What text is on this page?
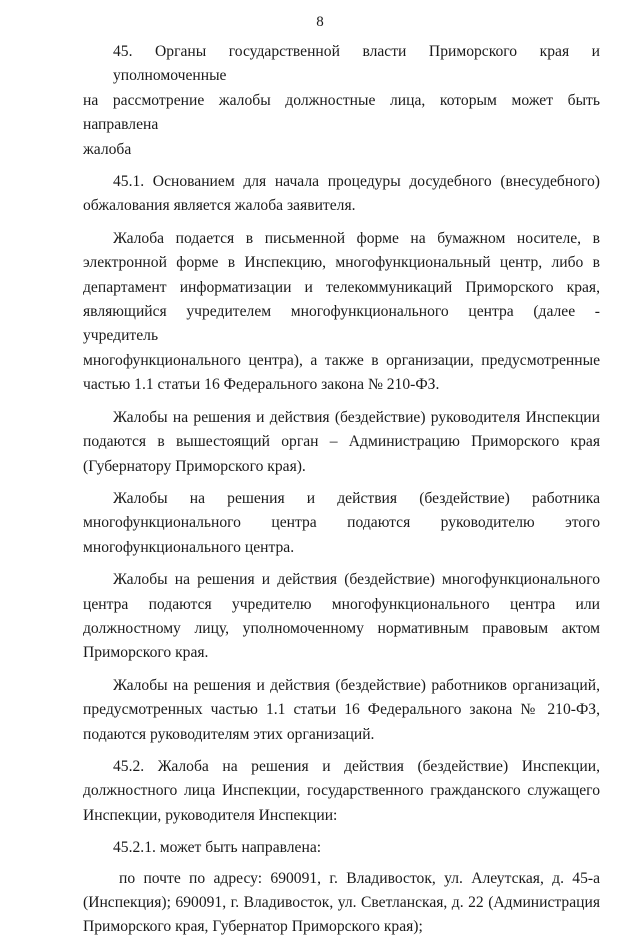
8
45. Органы государственной власти Приморского края и уполномоченные
на рассмотрение жалобы должностные лица, которым может быть направлена
жалоба
45.1. Основанием для начала процедуры досудебного (внесудебного)
обжалования является жалоба заявителя.
Жалоба подается в письменной форме на бумажном носителе, в
электронной форме в Инспекцию, многофункциональный центр, либо в
департамент информатизации и телекоммуникаций Приморского края,
являющийся учредителем многофункционального центра (далее - учредитель
многофункционального центра), а также в организации, предусмотренные
частью 1.1 статьи 16 Федерального закона № 210-ФЗ.
Жалобы на решения и действия (бездействие) руководителя Инспекции
подаются в вышестоящий орган – Администрацию Приморского края
(Губернатору Приморского края).
Жалобы на решения и действия (бездействие) работника
многофункционального центра подаются руководителю этого
многофункционального центра.
Жалобы на решения и действия (бездействие) многофункционального
центра подаются учредителю многофункционального центра или
должностному лицу, уполномоченному нормативным правовым актом
Приморского края.
Жалобы на решения и действия (бездействие) работников организаций,
предусмотренных частью 1.1 статьи 16 Федерального закона № 210-ФЗ,
подаются руководителям этих организаций.
45.2. Жалоба на решения и действия (бездействие) Инспекции,
должностного лица Инспекции, государственного гражданского служащего
Инспекции, руководителя Инспекции:
45.2.1. может быть направлена:
по почте по адресу: 690091, г. Владивосток, ул. Алеутская, д. 45-а
(Инспекция); 690091, г. Владивосток, ул. Светланская, д. 22 (Администрация
Приморского края, Губернатор Приморского края);
